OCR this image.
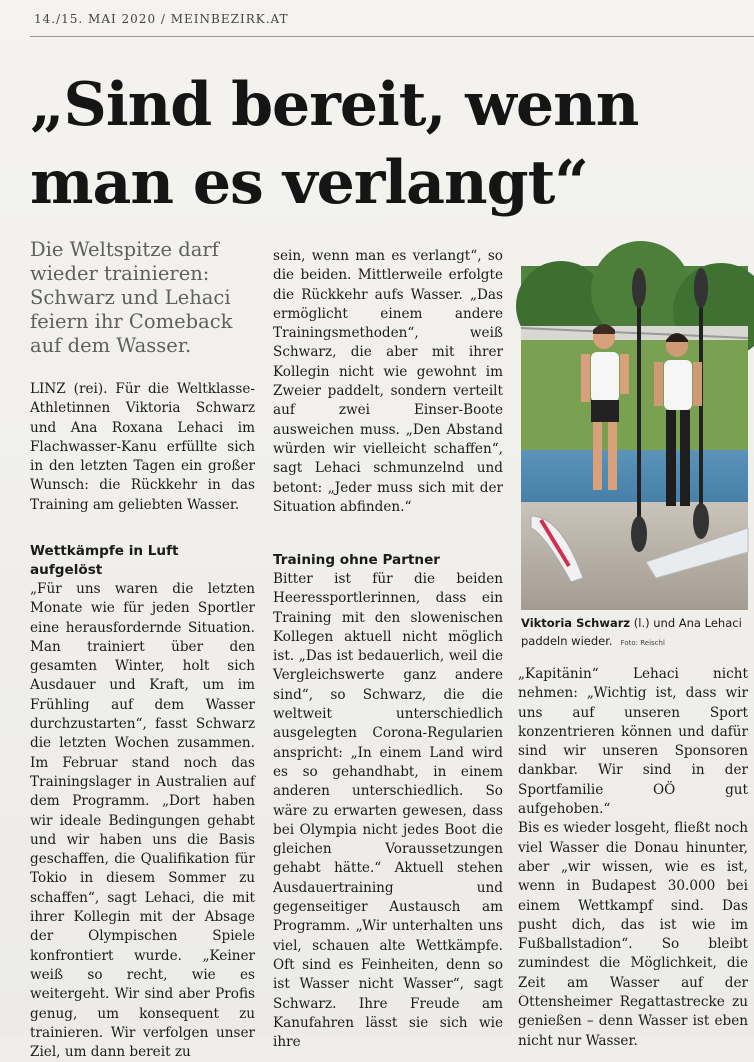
14./15. MAI 2020 / MEINBEZIRK.AT
„Sind bereit, wenn
man es verlangt“
Die Weltspitze darf wieder trainieren: Schwarz und Lehaci feiern ihr Comeback auf dem Wasser.

LINZ (rei). Für die Weltklasse-Athletinnen Viktoria Schwarz und Ana Roxana Lehaci im Flachwasser-Kanu erfüllte sich in den letzten Tagen ein großer Wunsch: die Rückkehr in das Training am geliebten Wasser.

Wettkämpfe in Luft aufgelöst

„Für uns waren die letzten Monate wie für jeden Sportler eine herausfordernde Situation. Man trainiert über den gesamten Winter, holt sich Ausdauer und Kraft, um im Frühling auf dem Wasser durchzustarten“, fasst Schwarz die letzten Wochen zusammen. Im Februar stand noch das Trainingslager in Australien auf dem Programm. „Dort haben wir ideale Bedingungen gehabt und wir haben uns die Basis geschaffen, die Qualifikation für Tokio in diesem Sommer zu schaffen“, sagt Lehaci, die mit ihrer Kollegin mit der Absage der Olympischen Spiele konfrontiert wurde. „Keiner weiß so recht, wie es weitergeht. Wir sind aber Profis genug, um konsequent zu trainieren. Wir verfolgen unser Ziel, um dann bereit zu

sein, wenn man es verlangt“, so die beiden. Mittlerweile erfolgte die Rückkehr aufs Wasser. „Das ermöglicht einem andere Trainingsmethoden“, weiß Schwarz, die aber mit ihrer Kollegin nicht wie gewohnt im Zweier paddelt, sondern verteilt auf zwei Einser-Boote ausweichen muss. „Den Abstand würden wir vielleicht schaffen“, sagt Lehaci schmunzelnd und betont: „Jeder muss sich mit der Situation abfinden.“

Training ohne Partner

Bitter ist für die beiden Heeressportlerinnen, dass ein Training mit den slowenischen Kollegen aktuell nicht möglich ist. „Das ist bedauerlich, weil die Vergleichswerte ganz andere sind“, so Schwarz, die die weltweit unterschiedlich ausgelegten Corona-Regularien anspricht: „In einem Land wird es so gehandhabt, in einem anderen unterschiedlich. So wäre zu erwarten gewesen, dass bei Olympia nicht jedes Boot die gleichen Voraussetzungen gehabt hätte.“ Aktuell stehen Ausdauertraining und gegenseitiger Austausch am Programm. „Wir unterhalten uns viel, schauen alte Wettkämpfe. Oft sind es Feinheiten, denn so ist Wasser nicht Wasser“, sagt Schwarz. Ihre Freude am Kanufahren lässt sie sich wie ihre

Viktoria Schwarz (l.) und Ana Lehaci paddeln wieder. Foto: Reischl

„Kapitänin“ Lehaci nicht nehmen: „Wichtig ist, dass wir uns auf unseren Sport konzentrieren können und dafür sind wir unseren Sponsoren dankbar. Wir sind in der Sportfamilie OÖ gut aufgehoben.“

Bis es wieder losgeht, fließt noch viel Wasser die Donau hinunter, aber „wir wissen, wie es ist, wenn in Budapest 30.000 bei einem Wettkampf sind. Das pusht dich, das ist wie im Fußballstadion“. So bleibt zumindest die Möglichkeit, die Zeit am Wasser auf der Ottensheimer Regattastrecke zu genießen – denn Wasser ist eben nicht nur Wasser.
